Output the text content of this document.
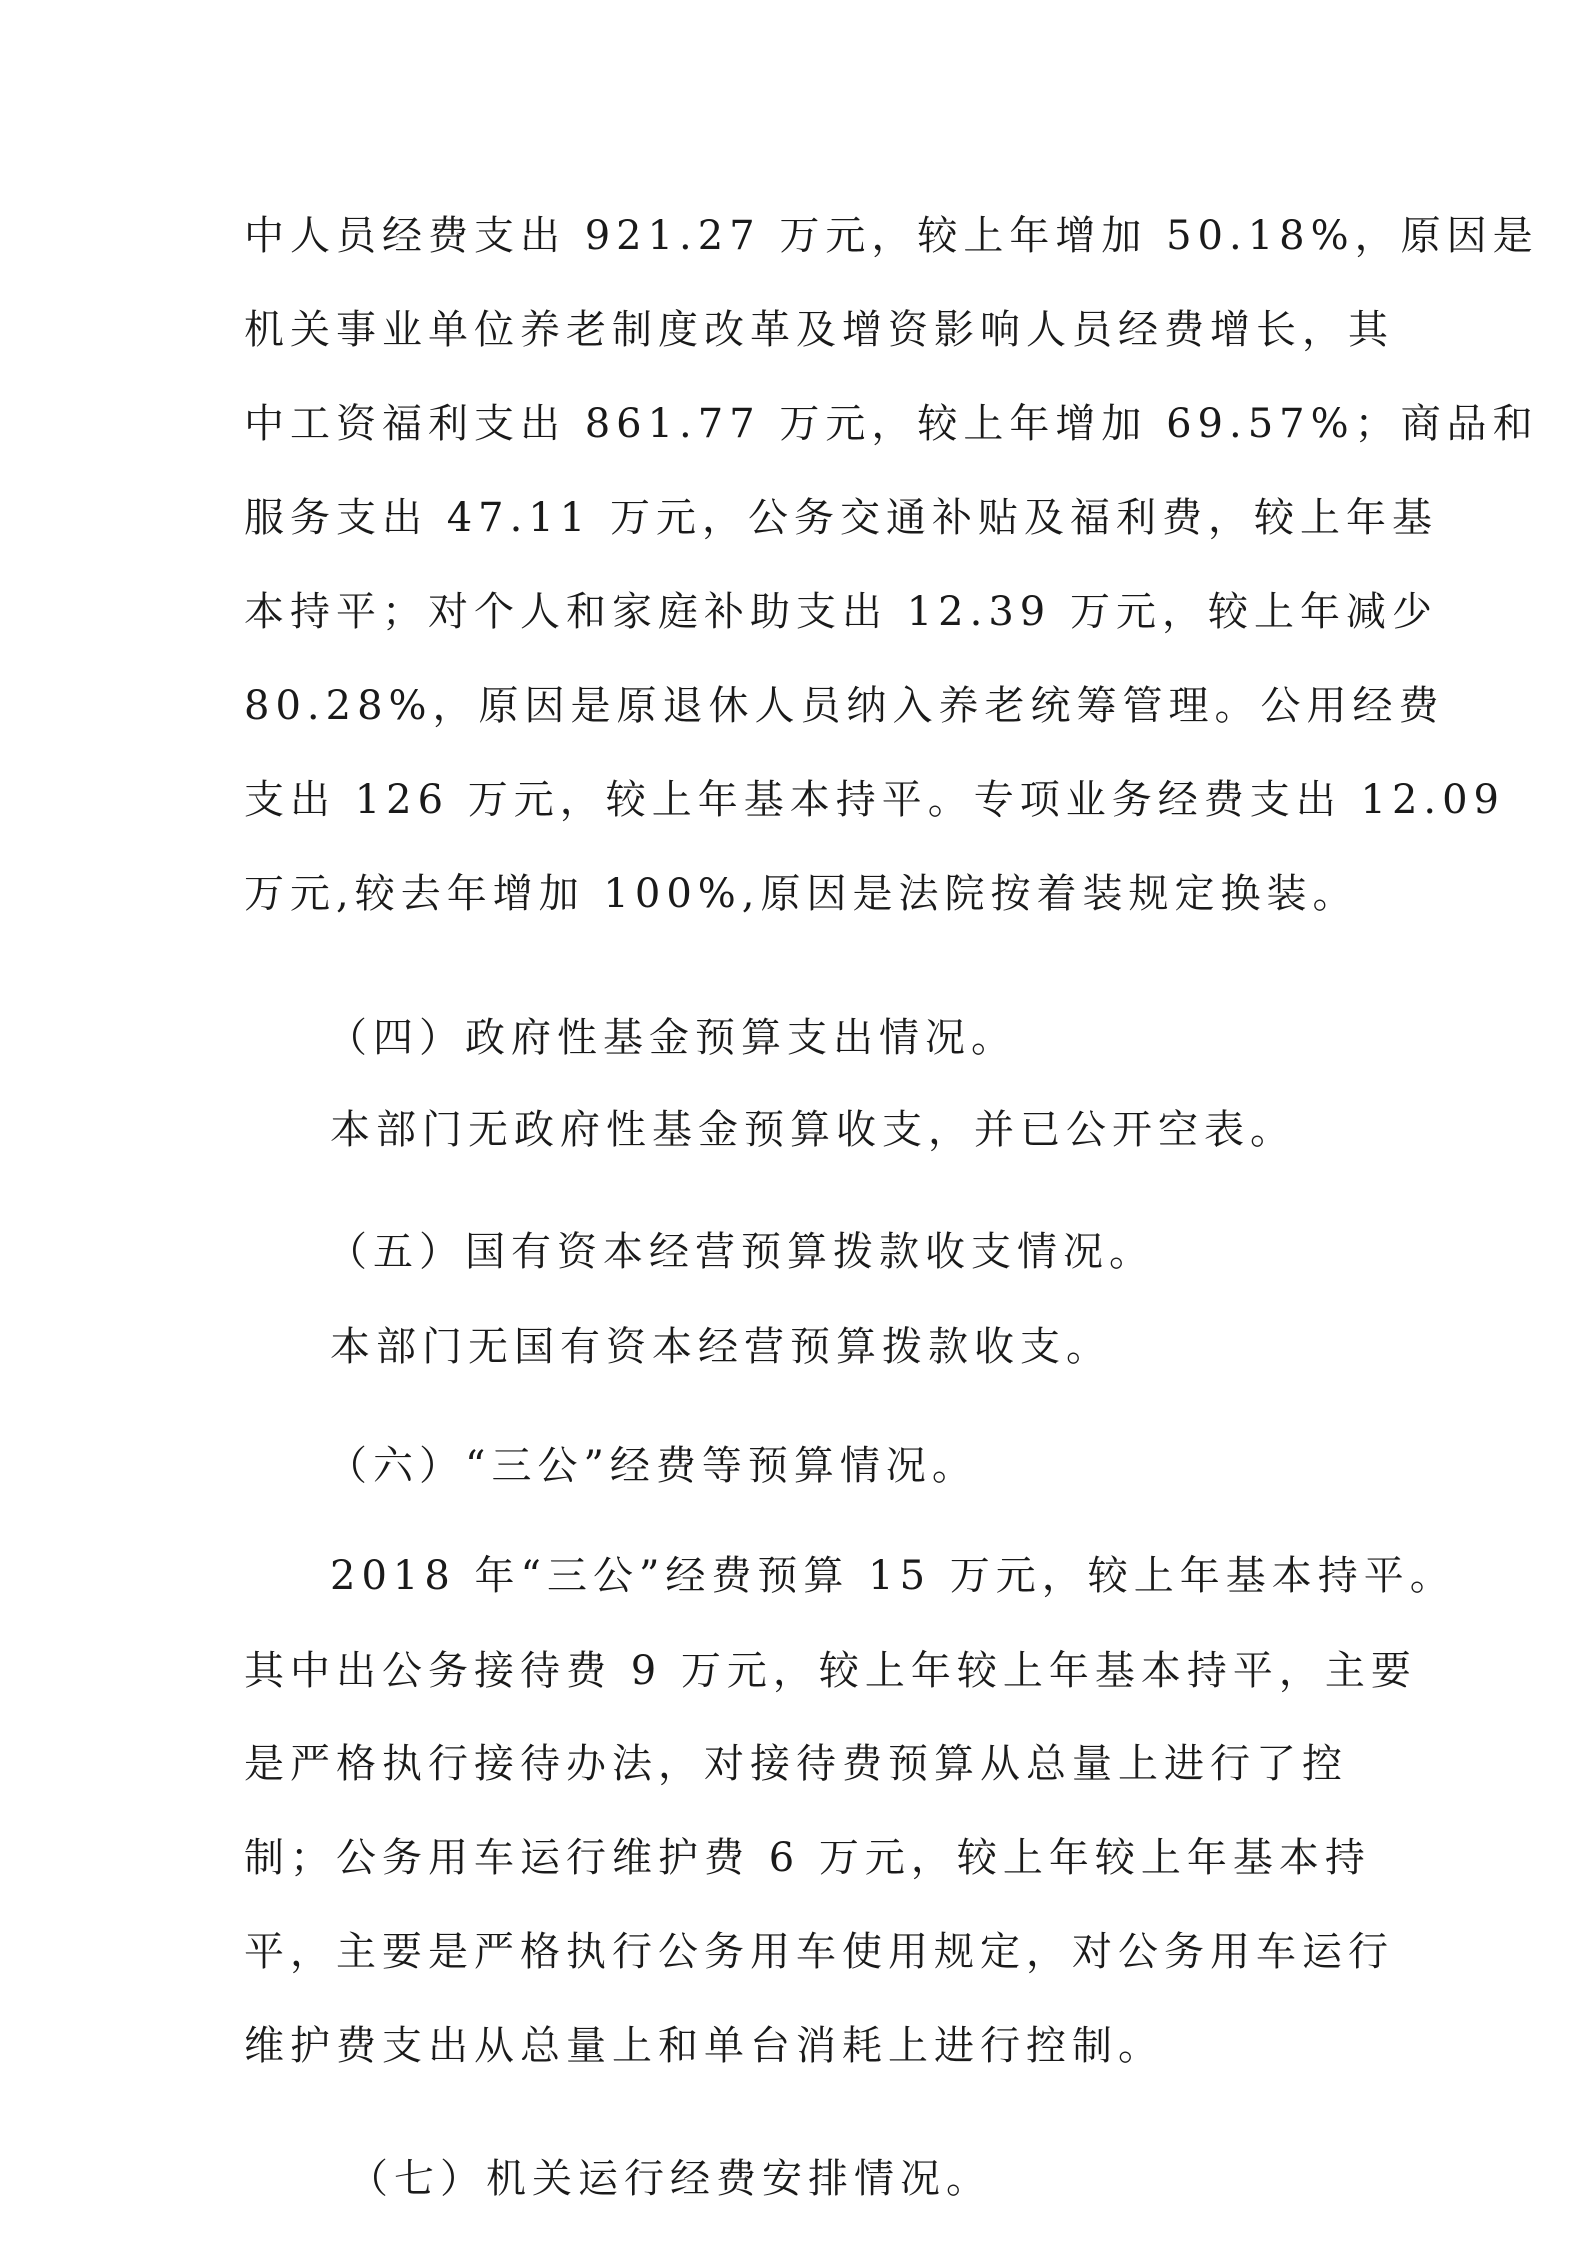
中人员经费支出 921.27 万元，较上年增加 50.18%，原因是
机关事业单位养老制度改革及增资影响人员经费增长，其
中工资福利支出 861.77 万元，较上年增加 69.57%；商品和
服务支出 47.11 万元，公务交通补贴及福利费，较上年基
本持平；对个人和家庭补助支出 12.39 万元，较上年减少
80.28%，原因是原退休人员纳入养老统筹管理。公用经费
支出 126 万元，较上年基本持平。专项业务经费支出 12.09
万元,较去年增加 100%,原因是法院按着装规定换装。
（四）政府性基金预算支出情况。
本部门无政府性基金预算收支，并已公开空表。
（五）国有资本经营预算拨款收支情况。
本部门无国有资本经营预算拨款收支。
（六）“三公”经费等预算情况。
2018 年“三公”经费预算 15 万元，较上年基本持平。
其中出公务接待费 9 万元，较上年较上年基本持平，主要
是严格执行接待办法，对接待费预算从总量上进行了控
制；公务用车运行维护费 6 万元，较上年较上年基本持
平，主要是严格执行公务用车使用规定，对公务用车运行
维护费支出从总量上和单台消耗上进行控制。
（七）机关运行经费安排情况。
